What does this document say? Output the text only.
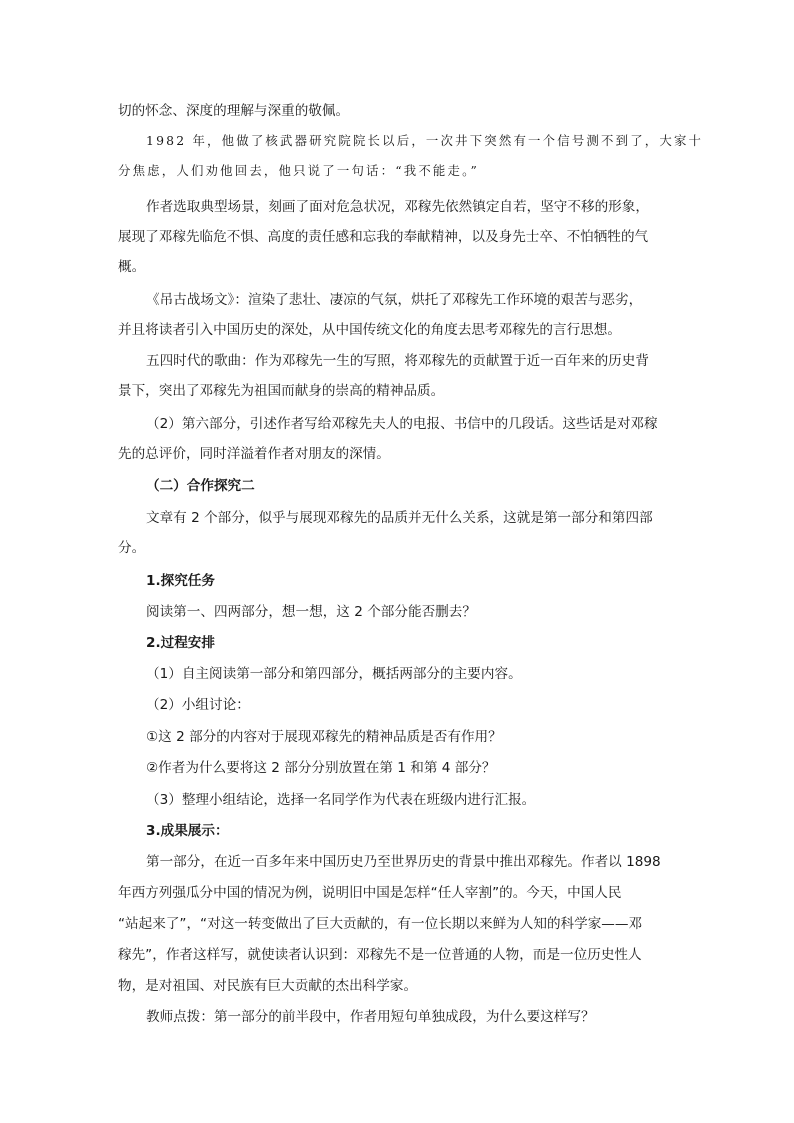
切的怀念、深度的理解与深重的敬佩。
1982 年，他做了核武器研究院院长以后，一次井下突然有一个信号测不到了，大家十
分焦虑，人们劝他回去，他只说了一句话：“我不能走。”
作者选取典型场景，刻画了面对危急状况，邓稼先依然镇定自若，坚守不移的形象，
展现了邓稼先临危不惧、高度的责任感和忘我的奉献精神，以及身先士卒、不怕牺牲的气
概。
《吊古战场文》：渲染了悲壮、凄凉的气氛，烘托了邓稼先工作环境的艰苦与恶劣，
并且将读者引入中国历史的深处，从中国传统文化的角度去思考邓稼先的言行思想。
五四时代的歌曲：作为邓稼先一生的写照，将邓稼先的贡献置于近一百年来的历史背
景下，突出了邓稼先为祖国而献身的崇高的精神品质。
（2）第六部分，引述作者写给邓稼先夫人的电报、书信中的几段话。这些话是对邓稼
先的总评价，同时洋溢着作者对朋友的深情。
（二）合作探究二
文章有 2 个部分，似乎与展现邓稼先的品质并无什么关系，这就是第一部分和第四部
分。
1.探究任务
阅读第一、四两部分，想一想，这 2 个部分能否删去？
2.过程安排
（1）自主阅读第一部分和第四部分，概括两部分的主要内容。
（2）小组讨论：
①这 2 部分的内容对于展现邓稼先的精神品质是否有作用？
②作者为什么要将这 2 部分分别放置在第 1 和第 4 部分？
（3）整理小组结论，选择一名同学作为代表在班级内进行汇报。
3.成果展示：
第一部分，在近一百多年来中国历史乃至世界历史的背景中推出邓稼先。作者以 1898
年西方列强瓜分中国的情况为例，说明旧中国是怎样“任人宰割”的。今天，中国人民
“站起来了”，“对这一转变做出了巨大贡献的，有一位长期以来鲜为人知的科学家——邓
稼先”，作者这样写，就使读者认识到：邓稼先不是一位普通的人物，而是一位历史性人
物，是对祖国、对民族有巨大贡献的杰出科学家。
教师点拨：第一部分的前半段中，作者用短句单独成段，为什么要这样写？
